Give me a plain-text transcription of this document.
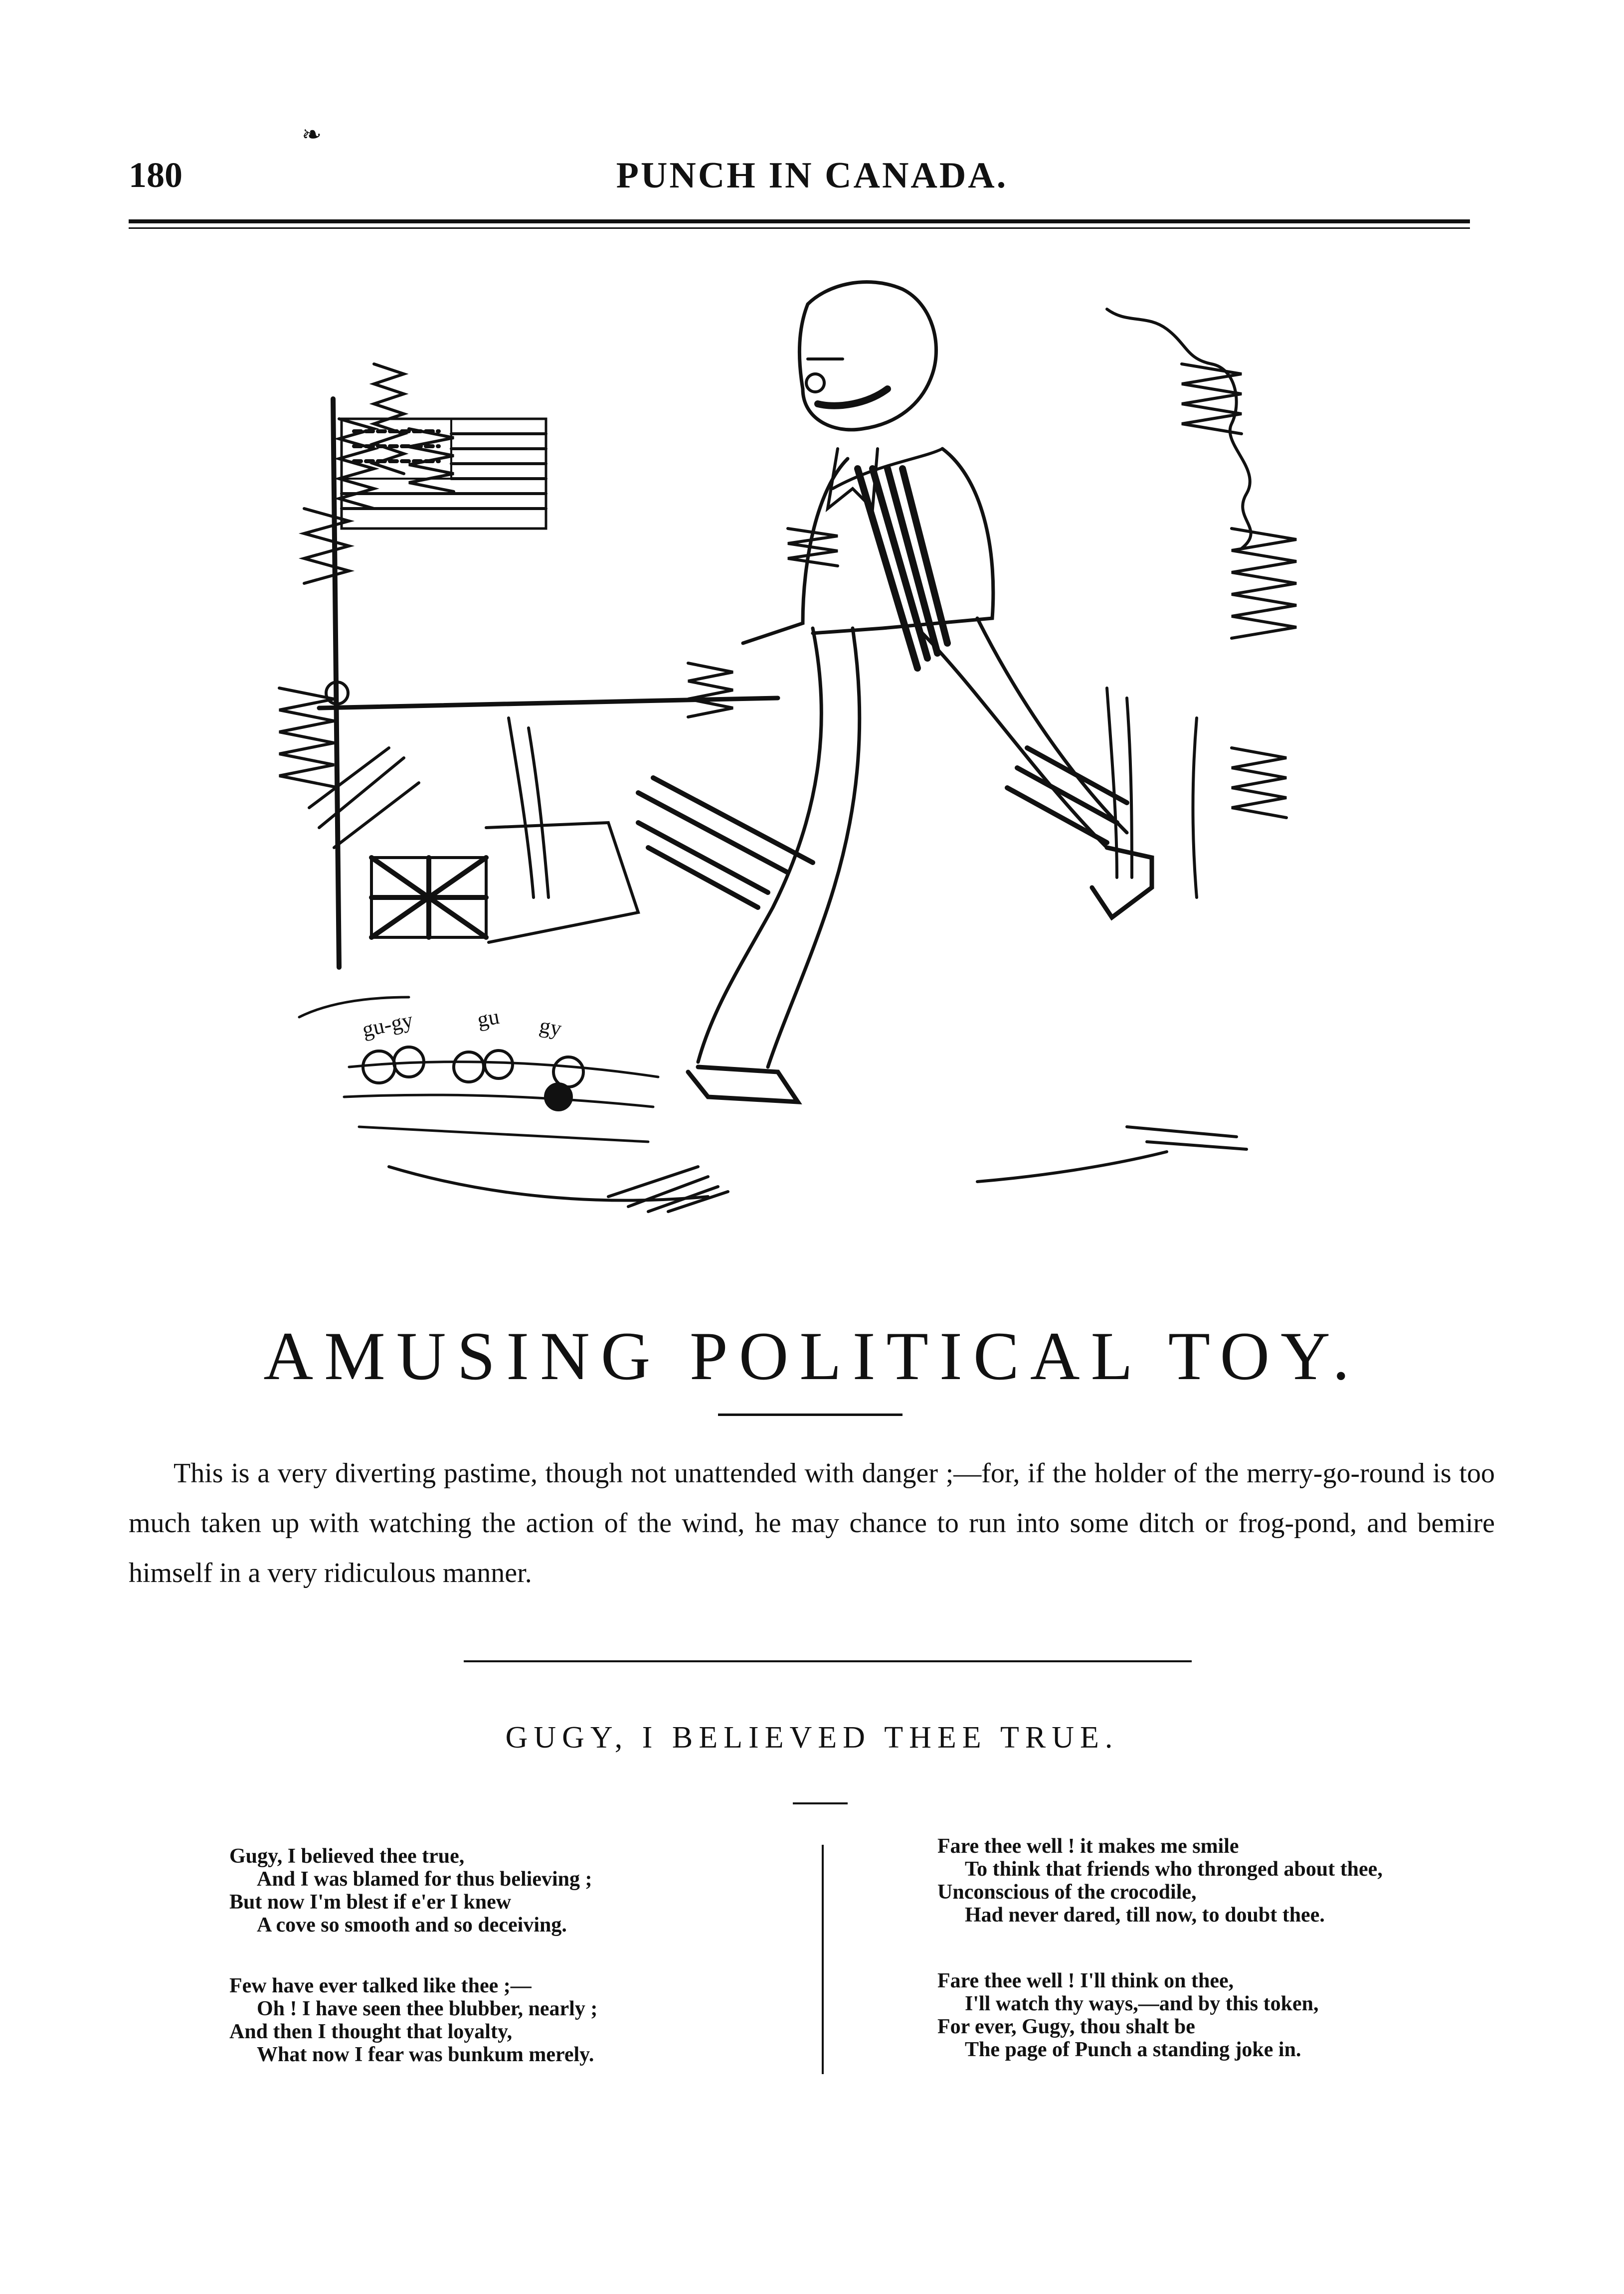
❧
180	PUNCH IN CANADA.
gu-gy	gu gy
AMUSING POLITICAL TOY.
This is a very diverting pastime, though not unattended with danger ;—for, if the holder of the merry-go-round is too much taken up with watching the action of the wind, he may chance to run into some ditch or frog-pond, and bemire himself in a very ridiculous manner.
GUGY, I BELIEVED THEE TRUE.
Gugy, I believed thee true,
And I was blamed for thus believing ;
But now I'm blest if e'er I knew
A cove so smooth and so deceiving.
Few have ever talked like thee ;—
Oh ! I have seen thee blubber, nearly ;
And then I thought that loyalty,
What now I fear was bunkum merely.
Fare thee well ! it makes me smile
To think that friends who thronged about thee,
Unconscious of the crocodile,
Had never dared, till now, to doubt thee.
Fare thee well ! I'll think on thee,
I'll watch thy ways,—and by this token,
For ever, Gugy, thou shalt be
The page of Punch a standing joke in.
